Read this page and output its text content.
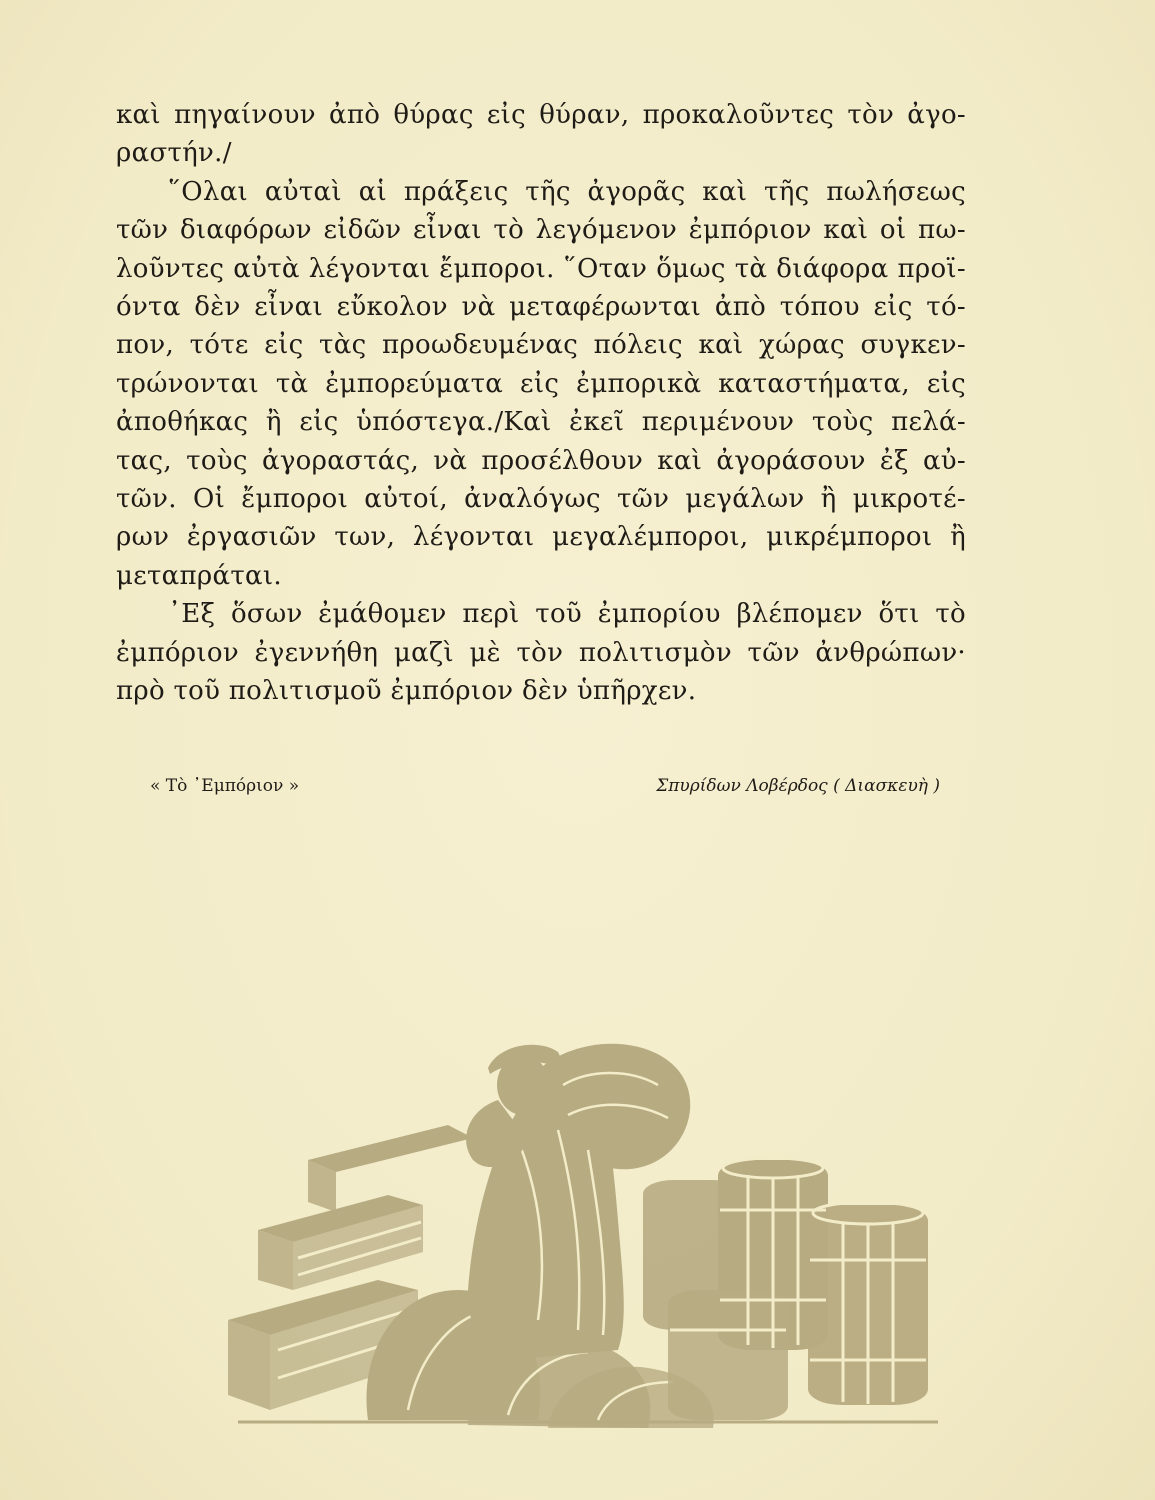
καὶ πηγαίνουν ἀπὸ θύρας εἰς θύραν, προκαλοῦντες τὸν ἀγο-
ραστήν./
῞Ολαι αὐταὶ αἱ πράξεις τῆς ἀγορᾶς καὶ τῆς πωλήσεως
τῶν διαφόρων εἰδῶν εἶναι τὸ λεγόμενον ἐμπόριον καὶ οἱ πω-
λοῦντες αὐτὰ λέγονται ἔμποροι. ῞Οταν ὅμως τὰ διάφορα προϊ-
όντα δὲν εἶναι εὔκολον νὰ μεταφέρωνται ἀπὸ τόπου εἰς τό-
πον, τότε εἰς τὰς προωδευμένας πόλεις καὶ χώρας συγκεν-
τρώνονται τὰ ἐμπορεύματα εἰς ἐμπορικὰ καταστήματα, εἰς
ἀποθήκας ἢ εἰς ὑπόστεγα./Καὶ ἐκεῖ περιμένουν τοὺς πελά-
τας, τοὺς ἀγοραστάς, νὰ προσέλθουν καὶ ἀγοράσουν ἐξ αὐ-
τῶν. Οἱ ἔμποροι αὐτοί, ἀναλόγως τῶν μεγάλων ἢ μικροτέ-
ρων ἐργασιῶν των, λέγονται μεγαλέμποροι, μικρέμποροι ἢ
μεταπράται.
᾿Εξ ὅσων ἐμάθομεν περὶ τοῦ ἐμπορίου βλέπομεν ὅτι τὸ
ἐμπόριον ἐγεννήθη μαζὶ μὲ τὸν πολιτισμὸν τῶν ἀνθρώπων·
πρὸ τοῦ πολιτισμοῦ ἐμπόριον δὲν ὑπῆρχεν.
« Τὸ ᾿Εμπόριον »	Σπυρίδων Λοβέρδος ( Διασκευὴ )
